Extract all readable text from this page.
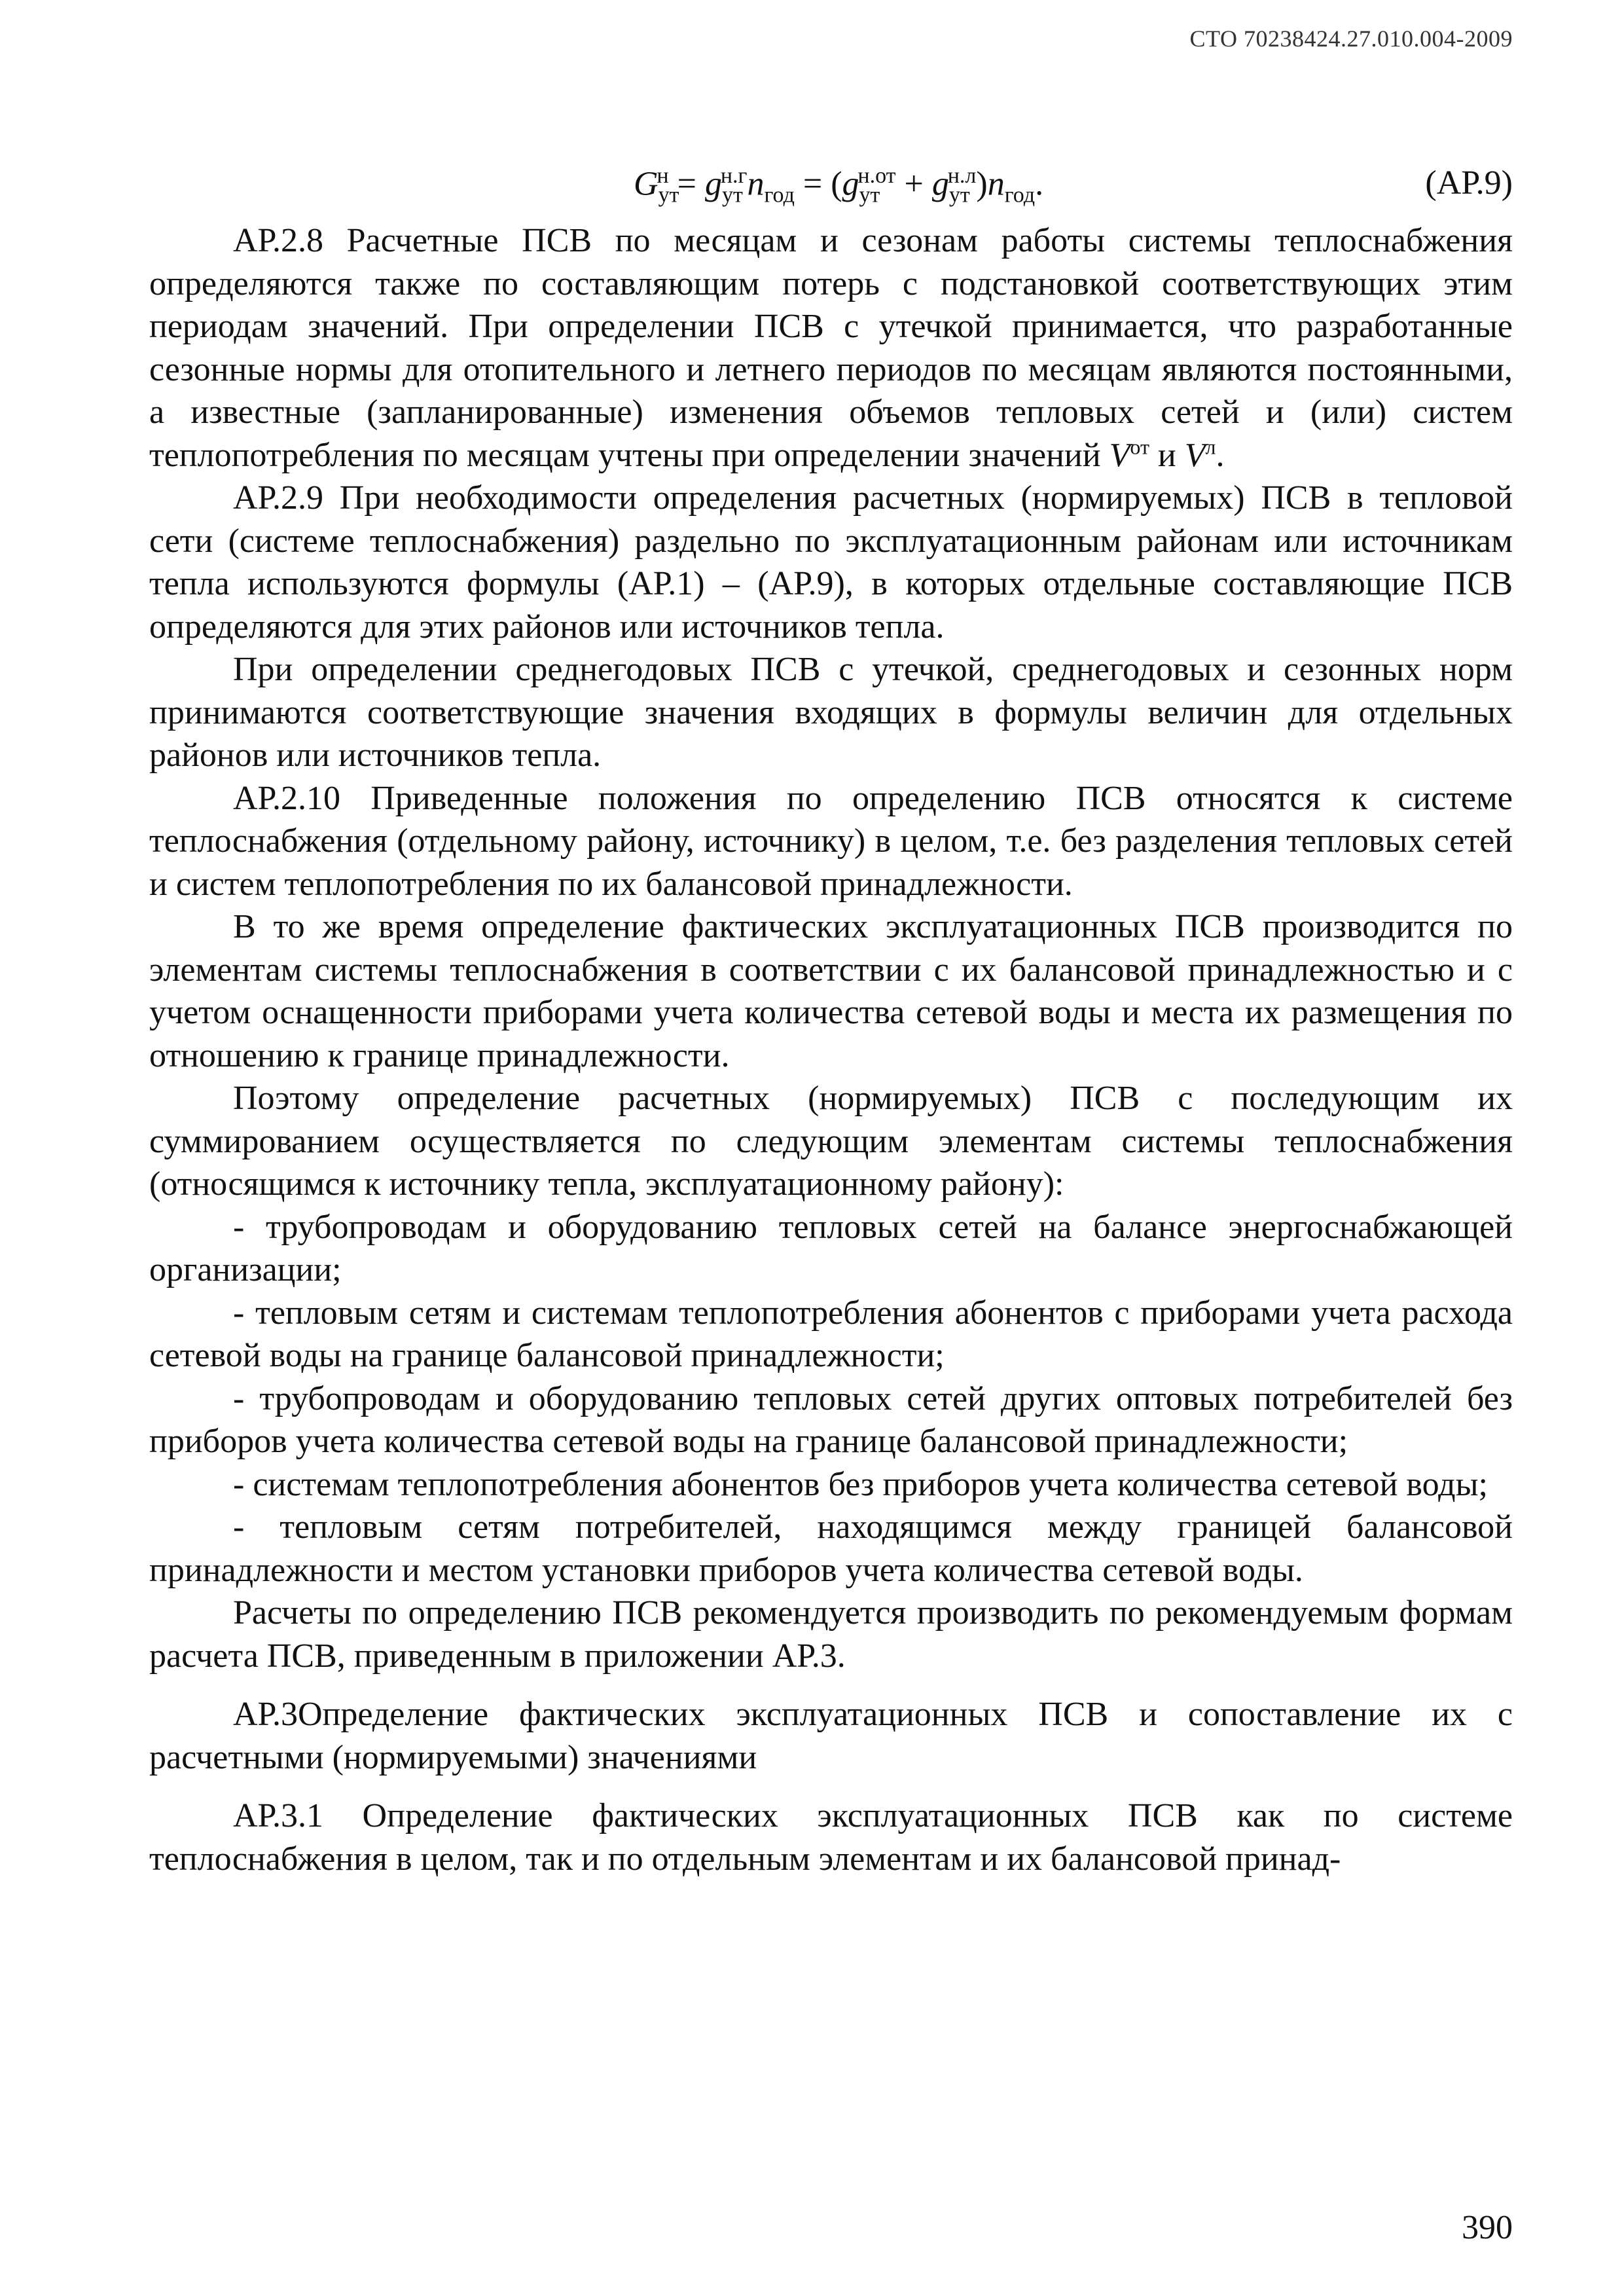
СТО 70238424.27.010.004-2009
$G_{ут}^н = g_{ут}^{н.г}n_{год} = (g_{ут}^{н.от} + g_{ут}^{н.л})n_{год}$.	(АР.9)

АР.2.8 Расчетные ПСВ по месяцам и сезонам работы системы теплоснабжения определяются также по составляющим потерь с подстановкой соответствующих этим периодам значений. При определении ПСВ с утечкой принимается, что разработанные сезонные нормы для отопительного и летнего периодов по месяцам являются постоянными, а известные (запланированные) изменения объемов тепловых сетей и (или) систем теплопотребления по месяцам учтены при определении значений $V^{от}$ и $V^л$.

АР.2.9 При необходимости определения расчетных (нормируемых) ПСВ в тепловой сети (системе теплоснабжения) раздельно по эксплуатационным районам или источникам тепла используются формулы (АР.1) – (АР.9), в которых отдельные составляющие ПСВ определяются для этих районов или источников тепла.

При определении среднегодовых ПСВ с утечкой, среднегодовых и сезонных норм принимаются соответствующие значения входящих в формулы величин для отдельных районов или источников тепла.

АР.2.10 Приведенные положения по определению ПСВ относятся к системе теплоснабжения (отдельному району, источнику) в целом, т.е. без разделения тепловых сетей и систем теплопотребления по их балансовой принадлежности.

В то же время определение фактических эксплуатационных ПСВ производится по элементам системы теплоснабжения в соответствии с их балансовой принадлежностью и с учетом оснащенности приборами учета количества сетевой воды и места их размещения по отношению к границе принадлежности.

Поэтому определение расчетных (нормируемых) ПСВ с последующим их суммированием осуществляется по следующим элементам системы теплоснабжения (относящимся к источнику тепла, эксплуатационному району):

- трубопроводам и оборудованию тепловых сетей на балансе энергоснабжающей организации;

- тепловым сетям и системам теплопотребления абонентов с приборами учета расхода сетевой воды на границе балансовой принадлежности;

- трубопроводам и оборудованию тепловых сетей других оптовых потребителей без приборов учета количества сетевой воды на границе балансовой принадлежности;

- системам теплопотребления абонентов без приборов учета количества сетевой воды;

- тепловым сетям потребителей, находящимся между границей балансовой принадлежности и местом установки приборов учета количества сетевой воды.

Расчеты по определению ПСВ рекомендуется производить по рекомендуемым формам расчета ПСВ, приведенным в приложении АР.3.

АР.3Определение фактических эксплуатационных ПСВ и сопоставление их с расчетными (нормируемыми) значениями

АР.3.1 Определение фактических эксплуатационных ПСВ как по системе теплоснабжения в целом, так и по отдельным элементам и их балансовой принад-

390
